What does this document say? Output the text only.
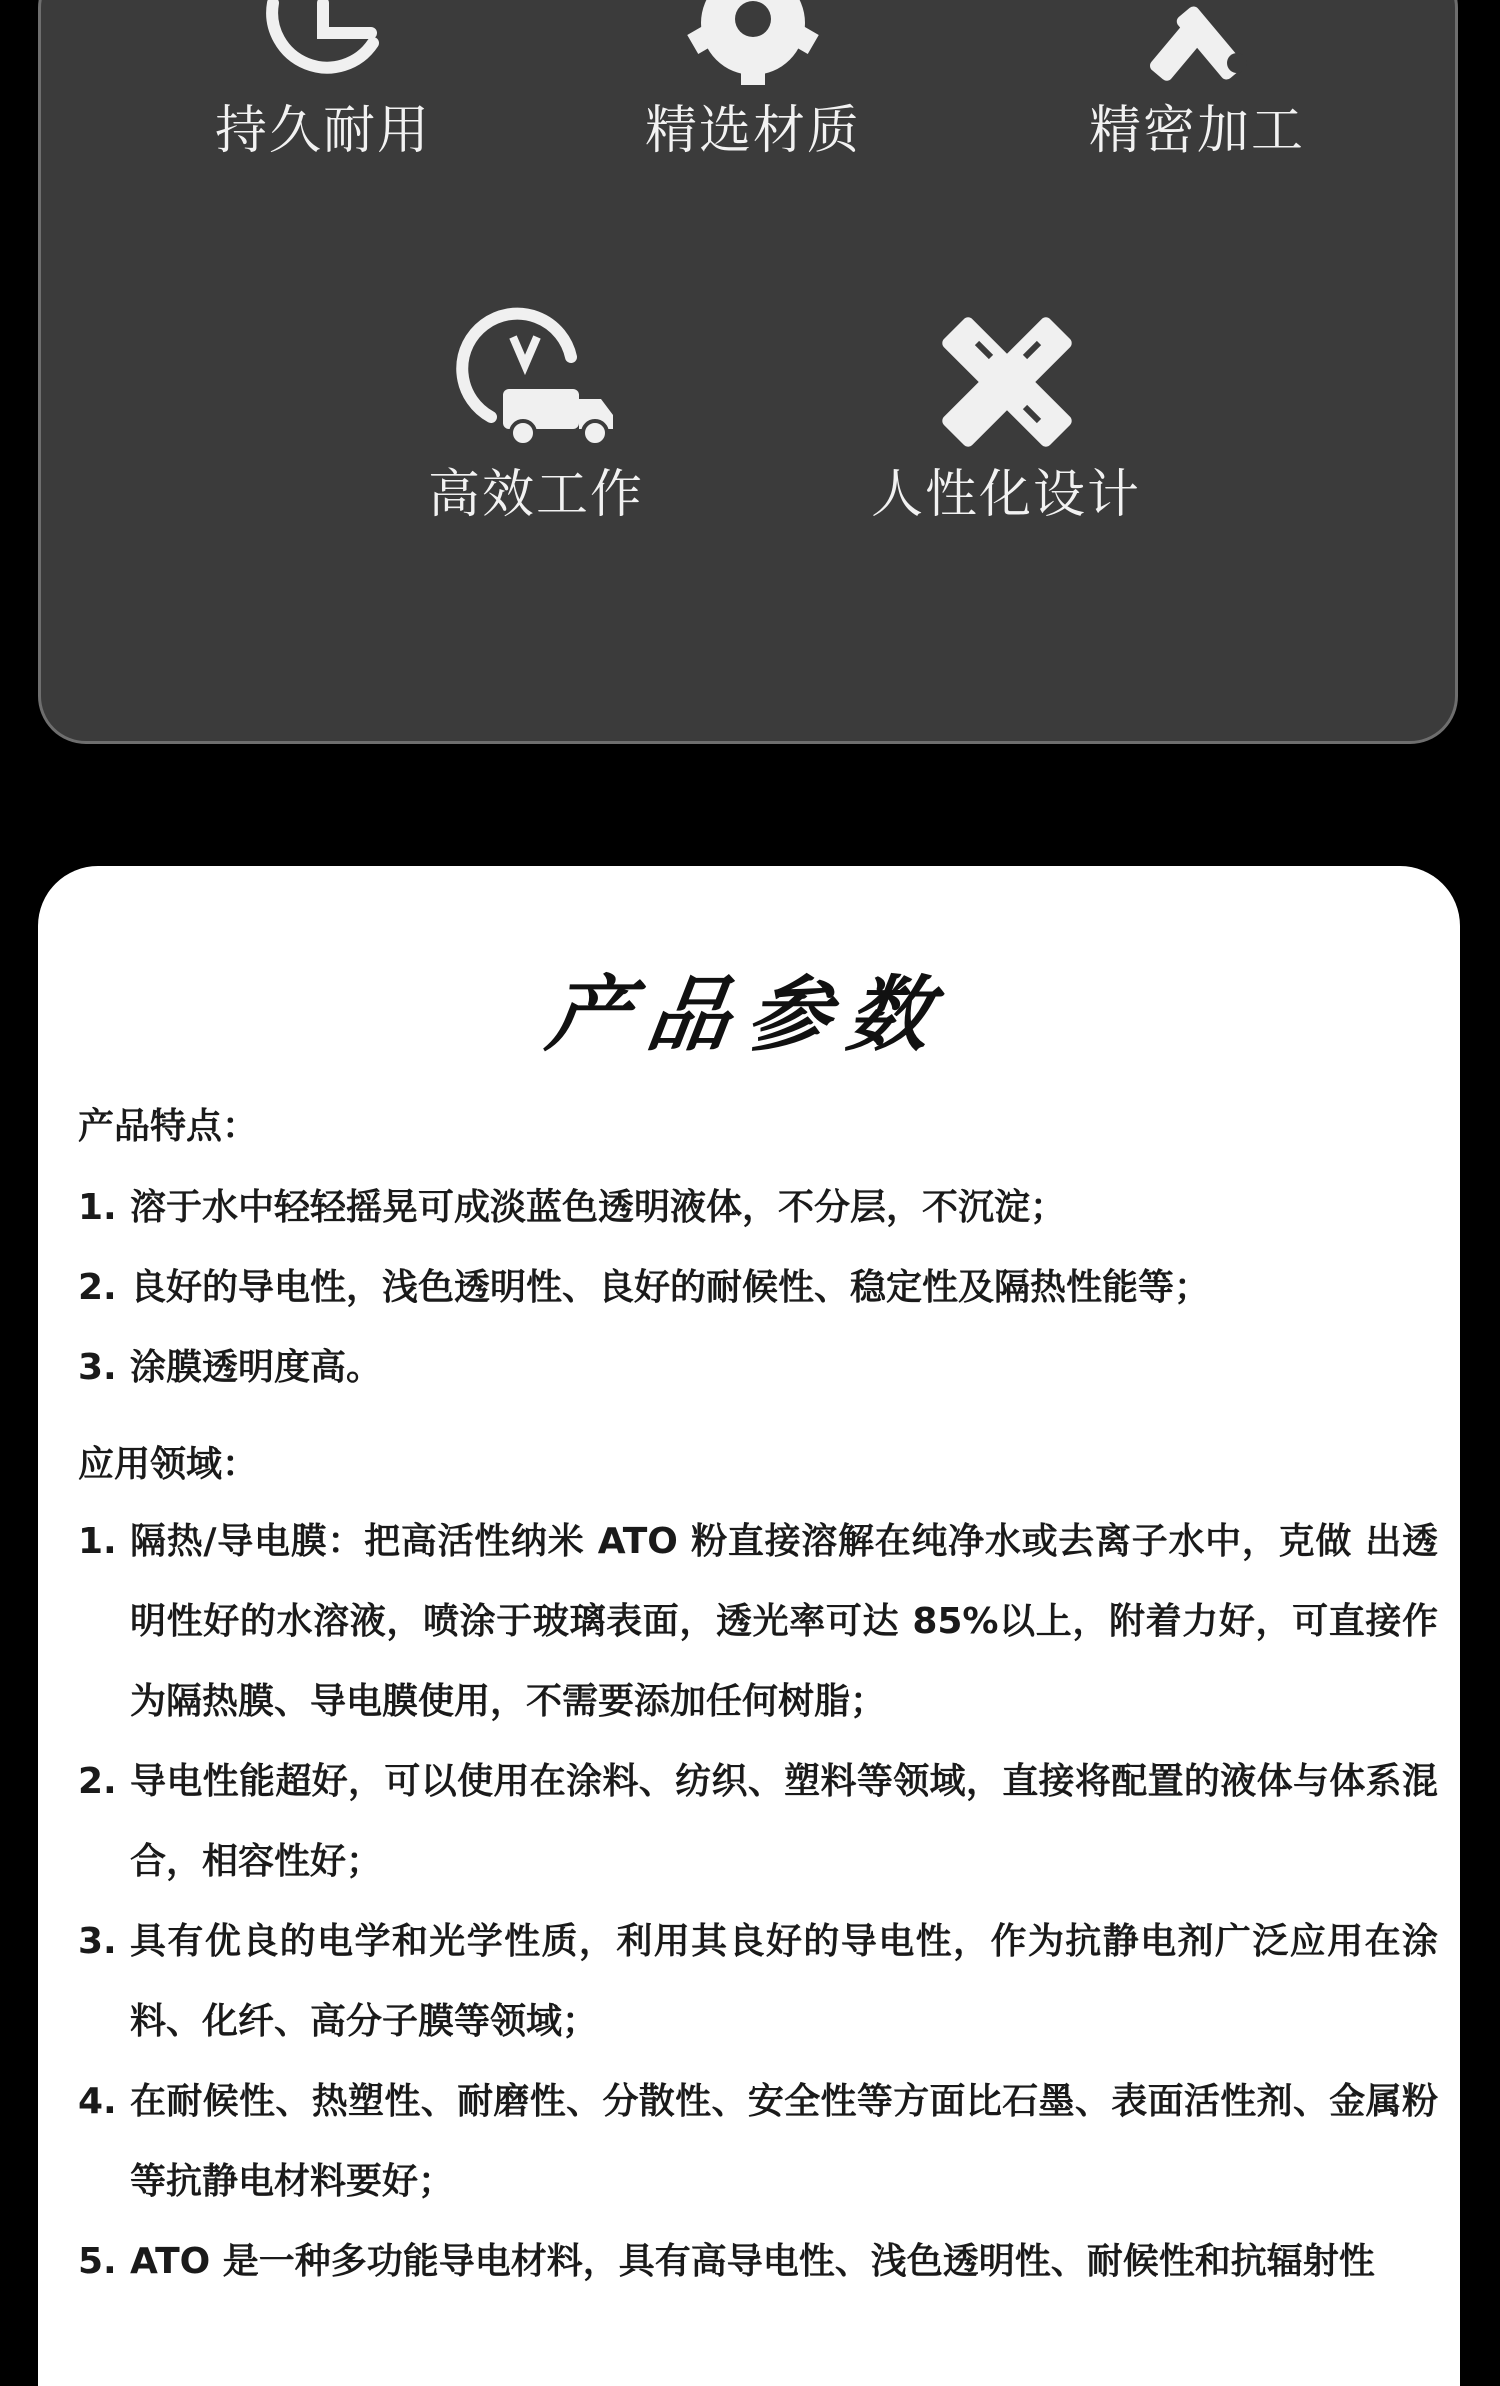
持久耐用	精选材质	精密加工
高效工作	人性化设计
产品参数
产品特点：
1. 溶于水中轻轻摇晃可成淡蓝色透明液体，不分层，不沉淀；
2. 良好的导电性，浅色透明性、良好的耐候性、稳定性及隔热性能等；
3. 涂膜透明度高。
应用领域：
1. 隔热/导电膜：把高活性纳米 ATO 粉直接溶解在纯净水或去离子水中，克做 出透明性好的水溶液，喷涂于玻璃表面，透光率可达 85%以上，附着力好，可直接作为隔热膜、导电膜使用，不需要添加任何树脂；
2. 导电性能超好，可以使用在涂料、纺织、塑料等领域，直接将配置的液体与体系混合，相容性好；
3. 具有优良的电学和光学性质，利用其良好的导电性，作为抗静电剂广泛应用在涂料、化纤、高分子膜等领域；
4. 在耐候性、热塑性、耐磨性、分散性、安全性等方面比石墨、表面活性剂、金属粉等抗静电材料要好；
5. ATO 是一种多功能导电材料，具有高导电性、浅色透明性、耐候性和抗辐射性
